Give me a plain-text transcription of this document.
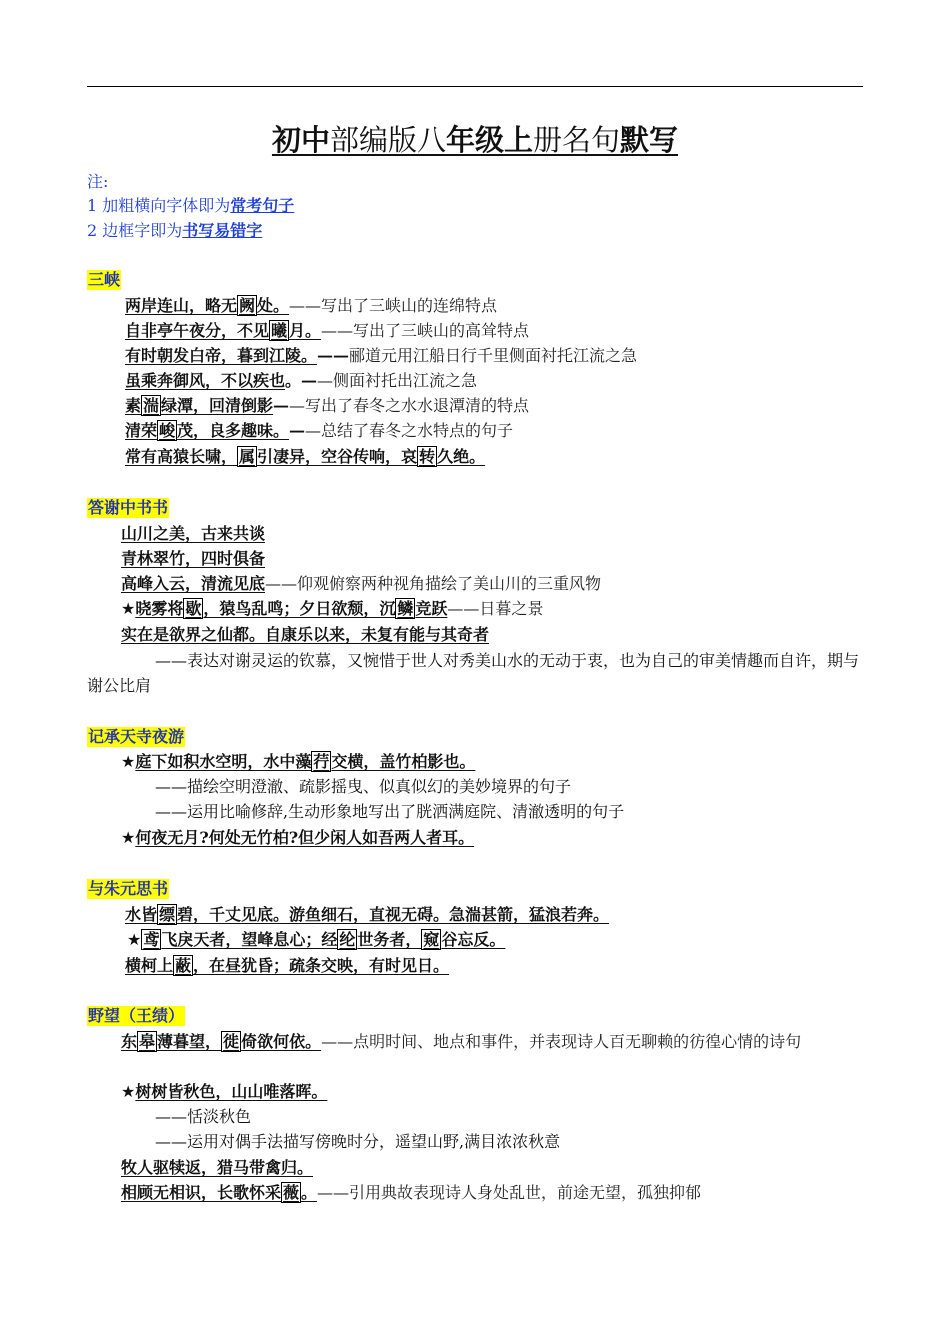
初中部编版八年级上册名句默写
注:
1 加粗横向字体即为常考句子
2 边框字即为书写易错字
三峡
两岸连山，略无 阙 处。——写出了三峡山的连绵特点
自非亭午夜分，不见 曦 月。——写出了三峡山的高耸特点
有时朝发白帝，暮到江陵。——郦道元用江船日行千里侧面衬托江流之急
虽乘奔御风，不以疾也。——侧面衬托出江流之急
素 湍 绿潭，回清倒影——写出了春冬之水水退潭清的特点
清荣 峻 茂，良多趣味。——总结了春冬之水特点的句子
常有高猿长啸， 属 引凄异，空谷传响，哀 转 久绝。
答谢中书书
山川之美，古来共谈
青林翠竹，四时俱备
高峰入云，清流见底——仰观俯察两种视角描绘了美山川的三重风物
★晓雾将 歇 ，猿鸟乱鸣；夕日欲颓，沉 鳞 竞跃——日暮之景
实在是欲界之仙都。自康乐以来，未复有能与其奇者
——表达对谢灵运的钦慕，又惋惜于世人对秀美山水的无动于衷，也为自己的审美情趣而自许，期与谢公比肩
记承天寺夜游
★庭下如积水空明，水中藻 荇 交横，盖竹柏影也。
——描绘空明澄澈、疏影摇曳、似真似幻的美妙境界的句子
——运用比喻修辞,生动形象地写出了胱洒满庭院、清澈透明的句子
★何夜无月?何处无竹柏?但少闲人如吾两人者耳。
与朱元思书
水皆 缥 碧，千丈见底。游鱼细石，直视无碍。急湍甚箭，猛浪若奔。
★ 鸢 飞戾天者，望峰息心；经 纶 世务者， 窥 谷忘反。
横柯上 蔽 ，在昼犹昏；疏条交映，有时见日。
野望（王绩）
东 皋 薄暮望， 徙 倚欲何依。——点明时间、地点和事件，并表现诗人百无聊赖的彷徨心情的诗句
★树树皆秋色，山山唯落晖。
——恬淡秋色
——运用对偶手法描写傍晚时分，遥望山野,满目浓浓秋意
牧人驱犊返，猎马带禽归。
相顾无相识，长歌怀采 薇 。——引用典故表现诗人身处乱世，前途无望，孤独抑郁
